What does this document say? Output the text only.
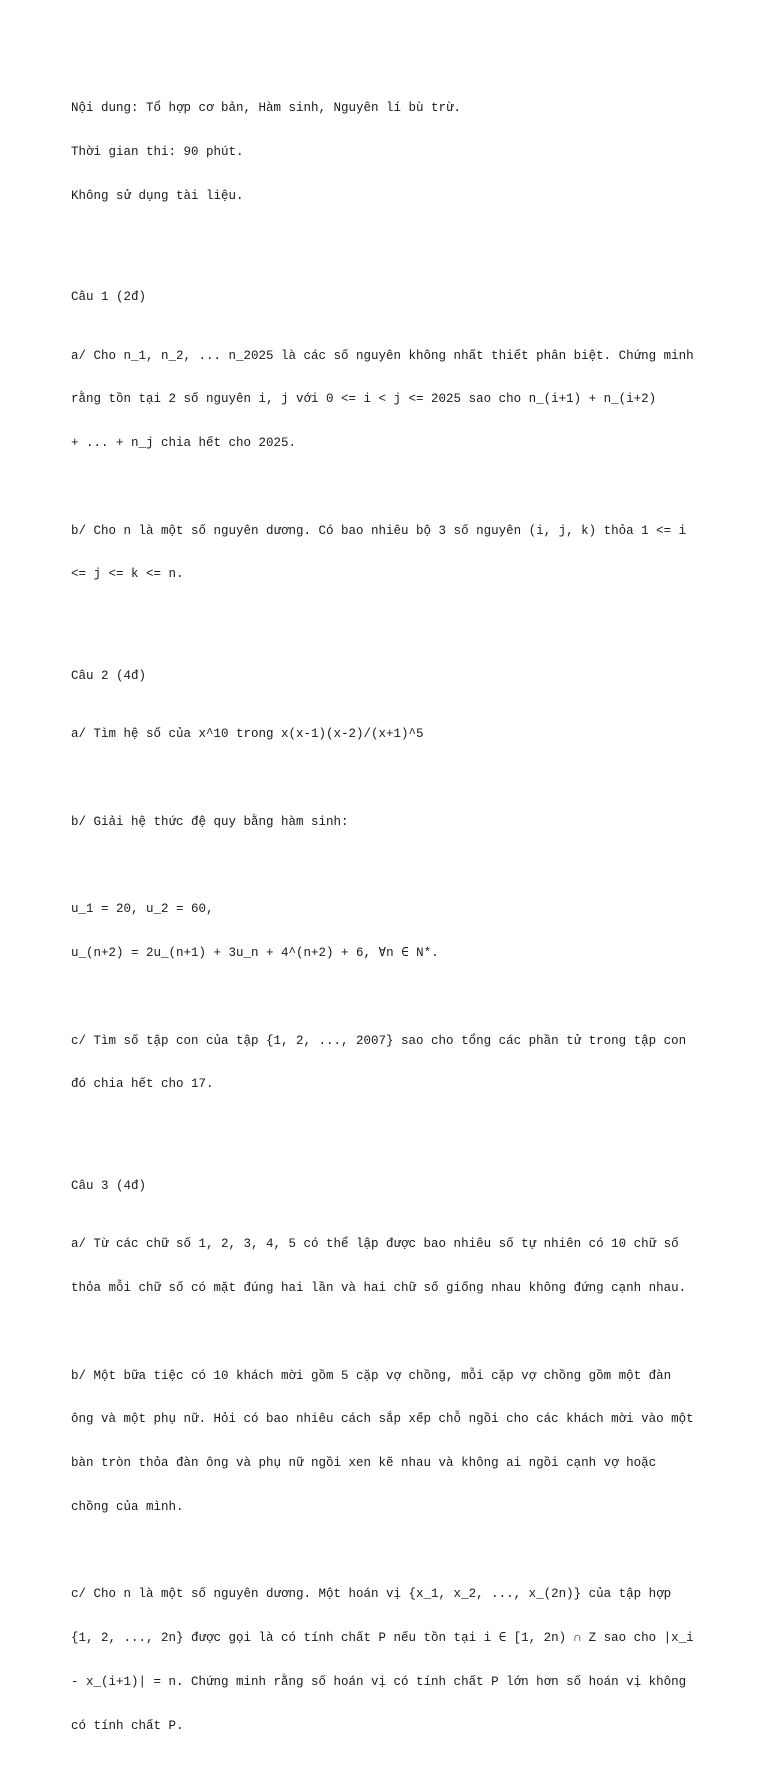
Nội dung: Tổ hợp cơ bản, Hàm sinh, Nguyên lí bù trừ.

Thời gian thi: 90 phút.

Không sử dụng tài liệu.

Câu 1 (2đ)

a/ Cho n_1, n_2, ... n_2025 là các số nguyên không nhất thiết phân biệt. Chứng minh

rằng tồn tại 2 số nguyên i, j với 0 <= i < j <= 2025 sao cho n_(i+1) + n_(i+2)

+ ... + n_j chia hết cho 2025.

b/ Cho n là một số nguyên dương. Có bao nhiêu bộ 3 số nguyên (i, j, k) thỏa 1 <= i

<= j <= k <= n.

Câu 2 (4đ)

a/ Tìm hệ số của x^10 trong x(x-1)(x-2)/(x+1)^5

b/ Giải hệ thức đệ quy bằng hàm sinh:

u_1 = 20, u_2 = 60,

u_(n+2) = 2u_(n+1) + 3u_n + 4^(n+2) + 6, ∀n ∈ N*.

c/ Tìm số tập con của tập {1, 2, ..., 2007} sao cho tổng các phần tử trong tập con

đó chia hết cho 17.

Câu 3 (4đ)

a/ Từ các chữ số 1, 2, 3, 4, 5 có thể lập được bao nhiêu số tự nhiên có 10 chữ số

thỏa mỗi chữ số có mặt đúng hai lần và hai chữ số giống nhau không đứng cạnh nhau.

b/ Một bữa tiệc có 10 khách mời gồm 5 cặp vợ chồng, mỗi cặp vợ chồng gồm một đàn

ông và một phụ nữ. Hỏi có bao nhiêu cách sắp xếp chỗ ngồi cho các khách mời vào một

bàn tròn thỏa đàn ông và phụ nữ ngồi xen kẽ nhau và không ai ngồi cạnh vợ hoặc

chồng của mình.

c/ Cho n là một số nguyên dương. Một hoán vị {x_1, x_2, ..., x_(2n)} của tập hợp

{1, 2, ..., 2n} được gọi là có tính chất P nếu tồn tại i ∈ [1, 2n) ∩ Z sao cho |x_i

- x_(i+1)| = n. Chứng minh rằng số hoán vị có tính chất P lớn hơn số hoán vị không

có tính chất P.
